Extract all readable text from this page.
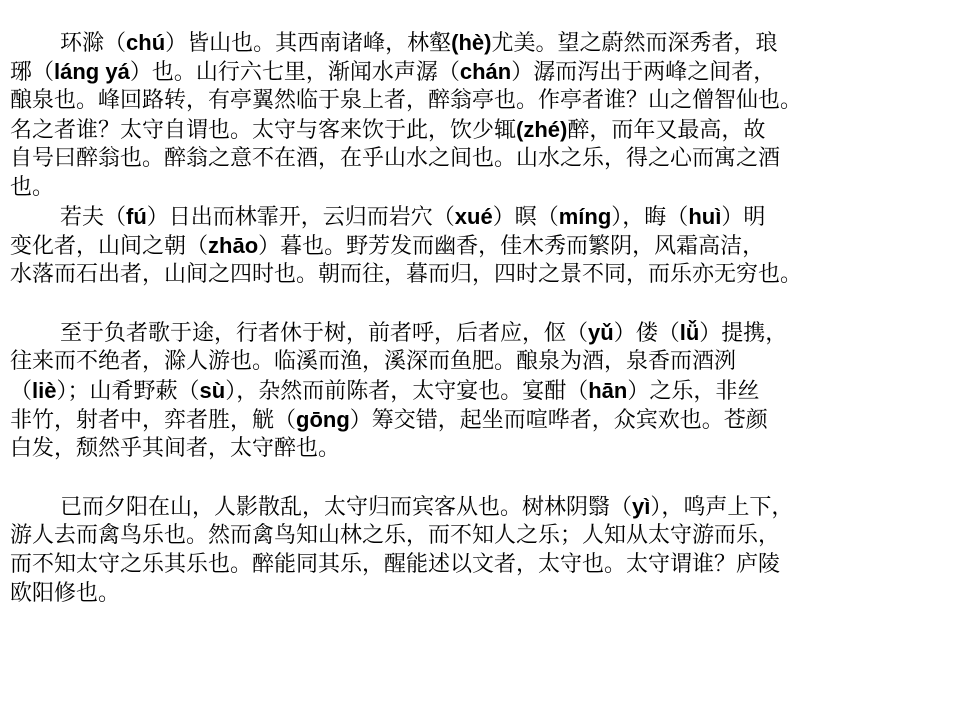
环滁（chú）皆山也。其西南诸峰，林壑(hè)尤美。望之蔚然而深秀者，琅
琊（láng yá）也。山行六七里，渐闻水声潺（chán）潺而泻出于两峰之间者，
酿泉也。峰回路转，有亭翼然临于泉上者，醉翁亭也。作亭者谁？山之僧智仙也。
名之者谁？太守自谓也。太守与客来饮于此，饮少辄(zhé)醉，而年又最高，故
自号曰醉翁也。醉翁之意不在酒，在乎山水之间也。山水之乐，得之心而寓之酒
也。
若夫（fú）日出而林霏开，云归而岩穴（xué）暝（míng），晦（huì）明
变化者，山间之朝（zhāo）暮也。野芳发而幽香，佳木秀而繁阴，风霜高洁，
水落而石出者，山间之四时也。朝而往，暮而归，四时之景不同，而乐亦无穷也。
至于负者歌于途，行者休于树，前者呼，后者应，伛（yǔ）偻（lǚ）提携，
往来而不绝者，滁人游也。临溪而渔，溪深而鱼肥。酿泉为酒，泉香而酒洌
（liè）；山肴野蔌（sù），杂然而前陈者，太守宴也。宴酣（hān）之乐，非丝
非竹，射者中，弈者胜，觥（gōng）筹交错，起坐而喧哗者，众宾欢也。苍颜
白发，颓然乎其间者，太守醉也。
已而夕阳在山，人影散乱，太守归而宾客从也。树林阴翳（yì），鸣声上下，
游人去而禽鸟乐也。然而禽鸟知山林之乐，而不知人之乐；人知从太守游而乐，
而不知太守之乐其乐也。醉能同其乐，醒能述以文者，太守也。太守谓谁？庐陵
欧阳修也。
